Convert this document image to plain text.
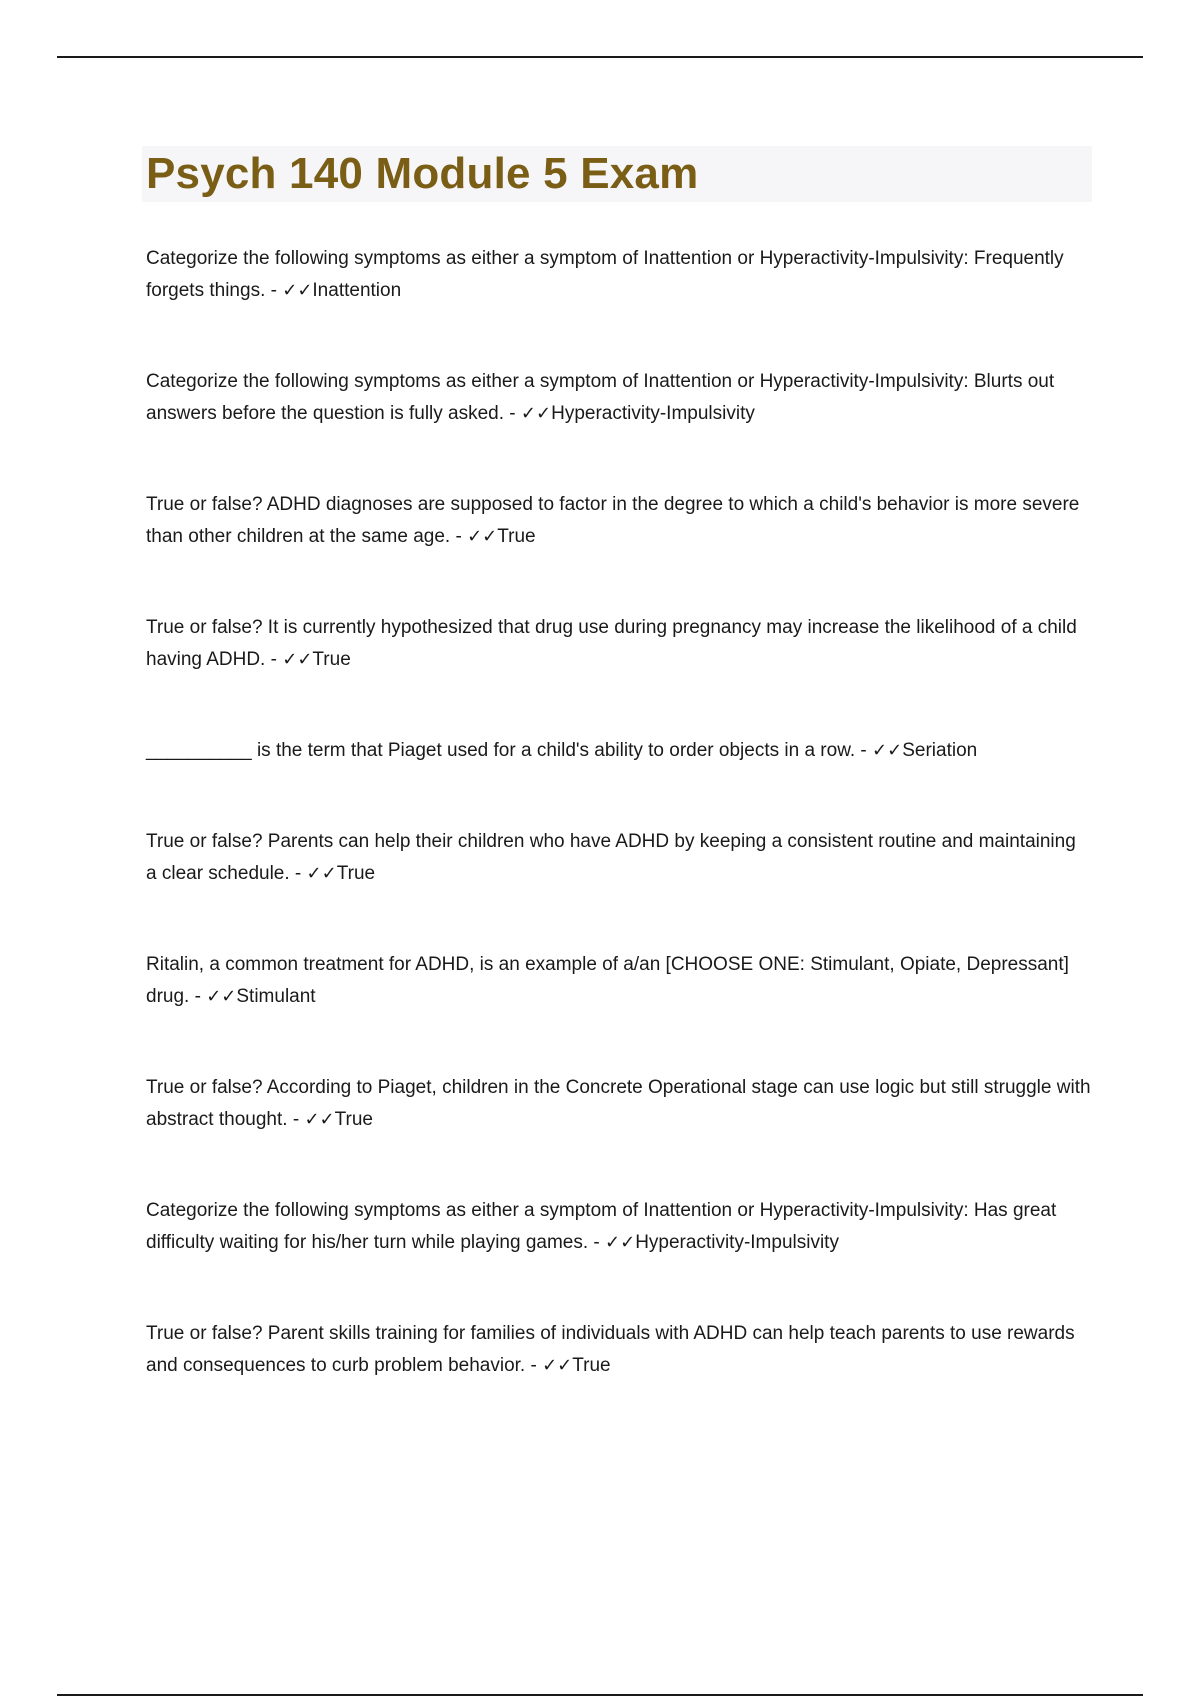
Psych 140 Module 5 Exam
Categorize the following symptoms as either a symptom of Inattention or Hyperactivity-Impulsivity: Frequently forgets things. - ✓✓Inattention
Categorize the following symptoms as either a symptom of Inattention or Hyperactivity-Impulsivity: Blurts out answers before the question is fully asked. - ✓✓Hyperactivity-Impulsivity
True or false? ADHD diagnoses are supposed to factor in the degree to which a child's behavior is more severe than other children at the same age. - ✓✓True
True or false? It is currently hypothesized that drug use during pregnancy may increase the likelihood of a child having ADHD. - ✓✓True
__________ is the term that Piaget used for a child's ability to order objects in a row. - ✓✓Seriation
True or false? Parents can help their children who have ADHD by keeping a consistent routine and maintaining a clear schedule. - ✓✓True
Ritalin, a common treatment for ADHD, is an example of a/an [CHOOSE ONE: Stimulant, Opiate, Depressant] drug. - ✓✓Stimulant
True or false? According to Piaget, children in the Concrete Operational stage can use logic but still struggle with abstract thought. - ✓✓True
Categorize the following symptoms as either a symptom of Inattention or Hyperactivity-Impulsivity: Has great difficulty waiting for his/her turn while playing games. - ✓✓Hyperactivity-Impulsivity
True or false? Parent skills training for families of individuals with ADHD can help teach parents to use rewards and consequences to curb problem behavior. - ✓✓True
